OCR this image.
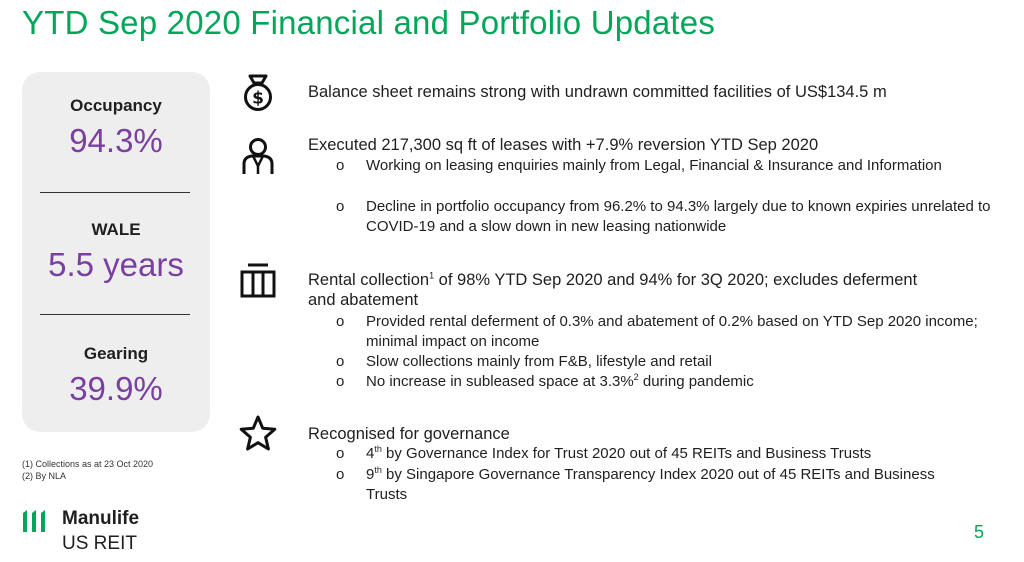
YTD Sep 2020 Financial and Portfolio Updates
Occupancy
94.3%
WALE
5.5 years
Gearing
39.9%
$	Balance sheet remains strong with undrawn committed facilities of US$134.5 m
Executed 217,300 sq ft of leases with +7.9% reversion YTD Sep 2020
o Working on leasing enquiries mainly from Legal, Financial & Insurance and Information
o Decline in portfolio occupancy from 96.2% to 94.3% largely due to known expiries unrelated to COVID-19 and a slow down in new leasing nationwide
Rental collection$^1$ of 98% YTD Sep 2020 and 94% for 3Q 2020; excludes deferment and abatement
o Provided rental deferment of 0.3% and abatement of 0.2% based on YTD Sep 2020 income; minimal impact on income
o Slow collections mainly from F&B, lifestyle and retail
o No increase in subleased space at 3.3%$^2$ during pandemic
Recognised for governance
o 4th by Governance Index for Trust 2020 out of 45 REITs and Business Trusts
o 9th by Singapore Governance Transparency Index 2020 out of 45 REITs and Business Trusts
(1) Collections as at 23 Oct 2020
(2) By NLA
Manulife
US REIT
5
